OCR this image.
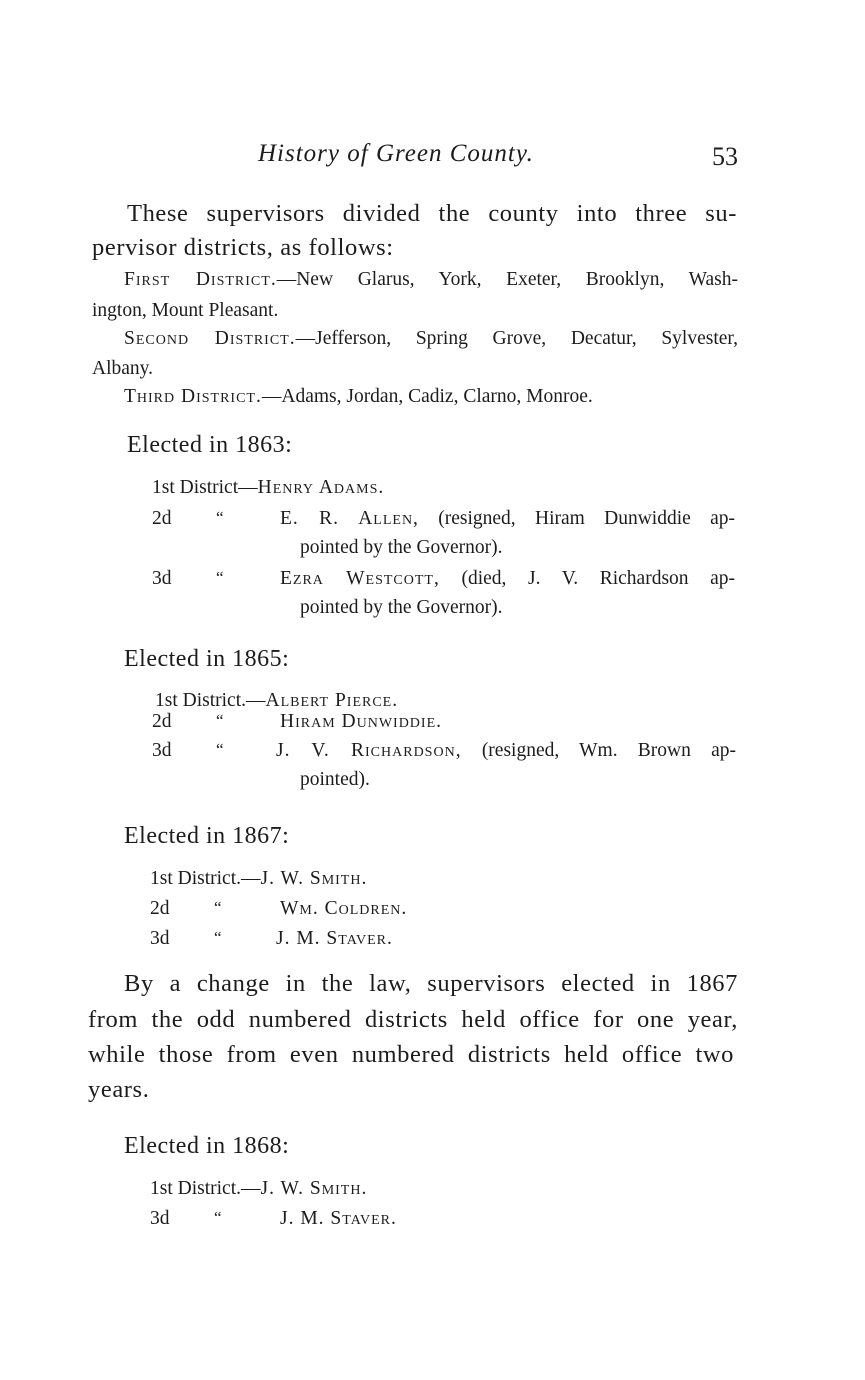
History of Green County.	53
These supervisors divided the county into three su-
pervisor districts, as follows:
First District.—New Glarus, York, Exeter, Brooklyn, Wash-
ington, Mount Pleasant.
Second District.—Jefferson, Spring Grove, Decatur, Sylvester,
Albany.
Third District.—Adams, Jordan, Cadiz, Clarno, Monroe.
Elected in 1863:
1st District—Henry Adams.
2d	“	E. R. Allen, (resigned, Hiram Dunwiddie ap-
pointed by the Governor).
3d	“	Ezra Westcott, (died, J. V. Richardson ap-
pointed by the Governor).
Elected in 1865:
1st District.—Albert Pierce.
2d	“	Hiram Dunwiddie.
3d	“	J. V. Richardson, (resigned, Wm. Brown ap-
pointed).
Elected in 1867:
1st District.—J. W. Smith.
2d	“	Wm. Coldren.
3d	“	J. M. Staver.
By a change in the law, supervisors elected in 1867
from the odd numbered districts held office for one year,
while those from even numbered districts held office two
years.
Elected in 1868:
1st District.—J. W. Smith.
3d	“	J. M. Staver.
